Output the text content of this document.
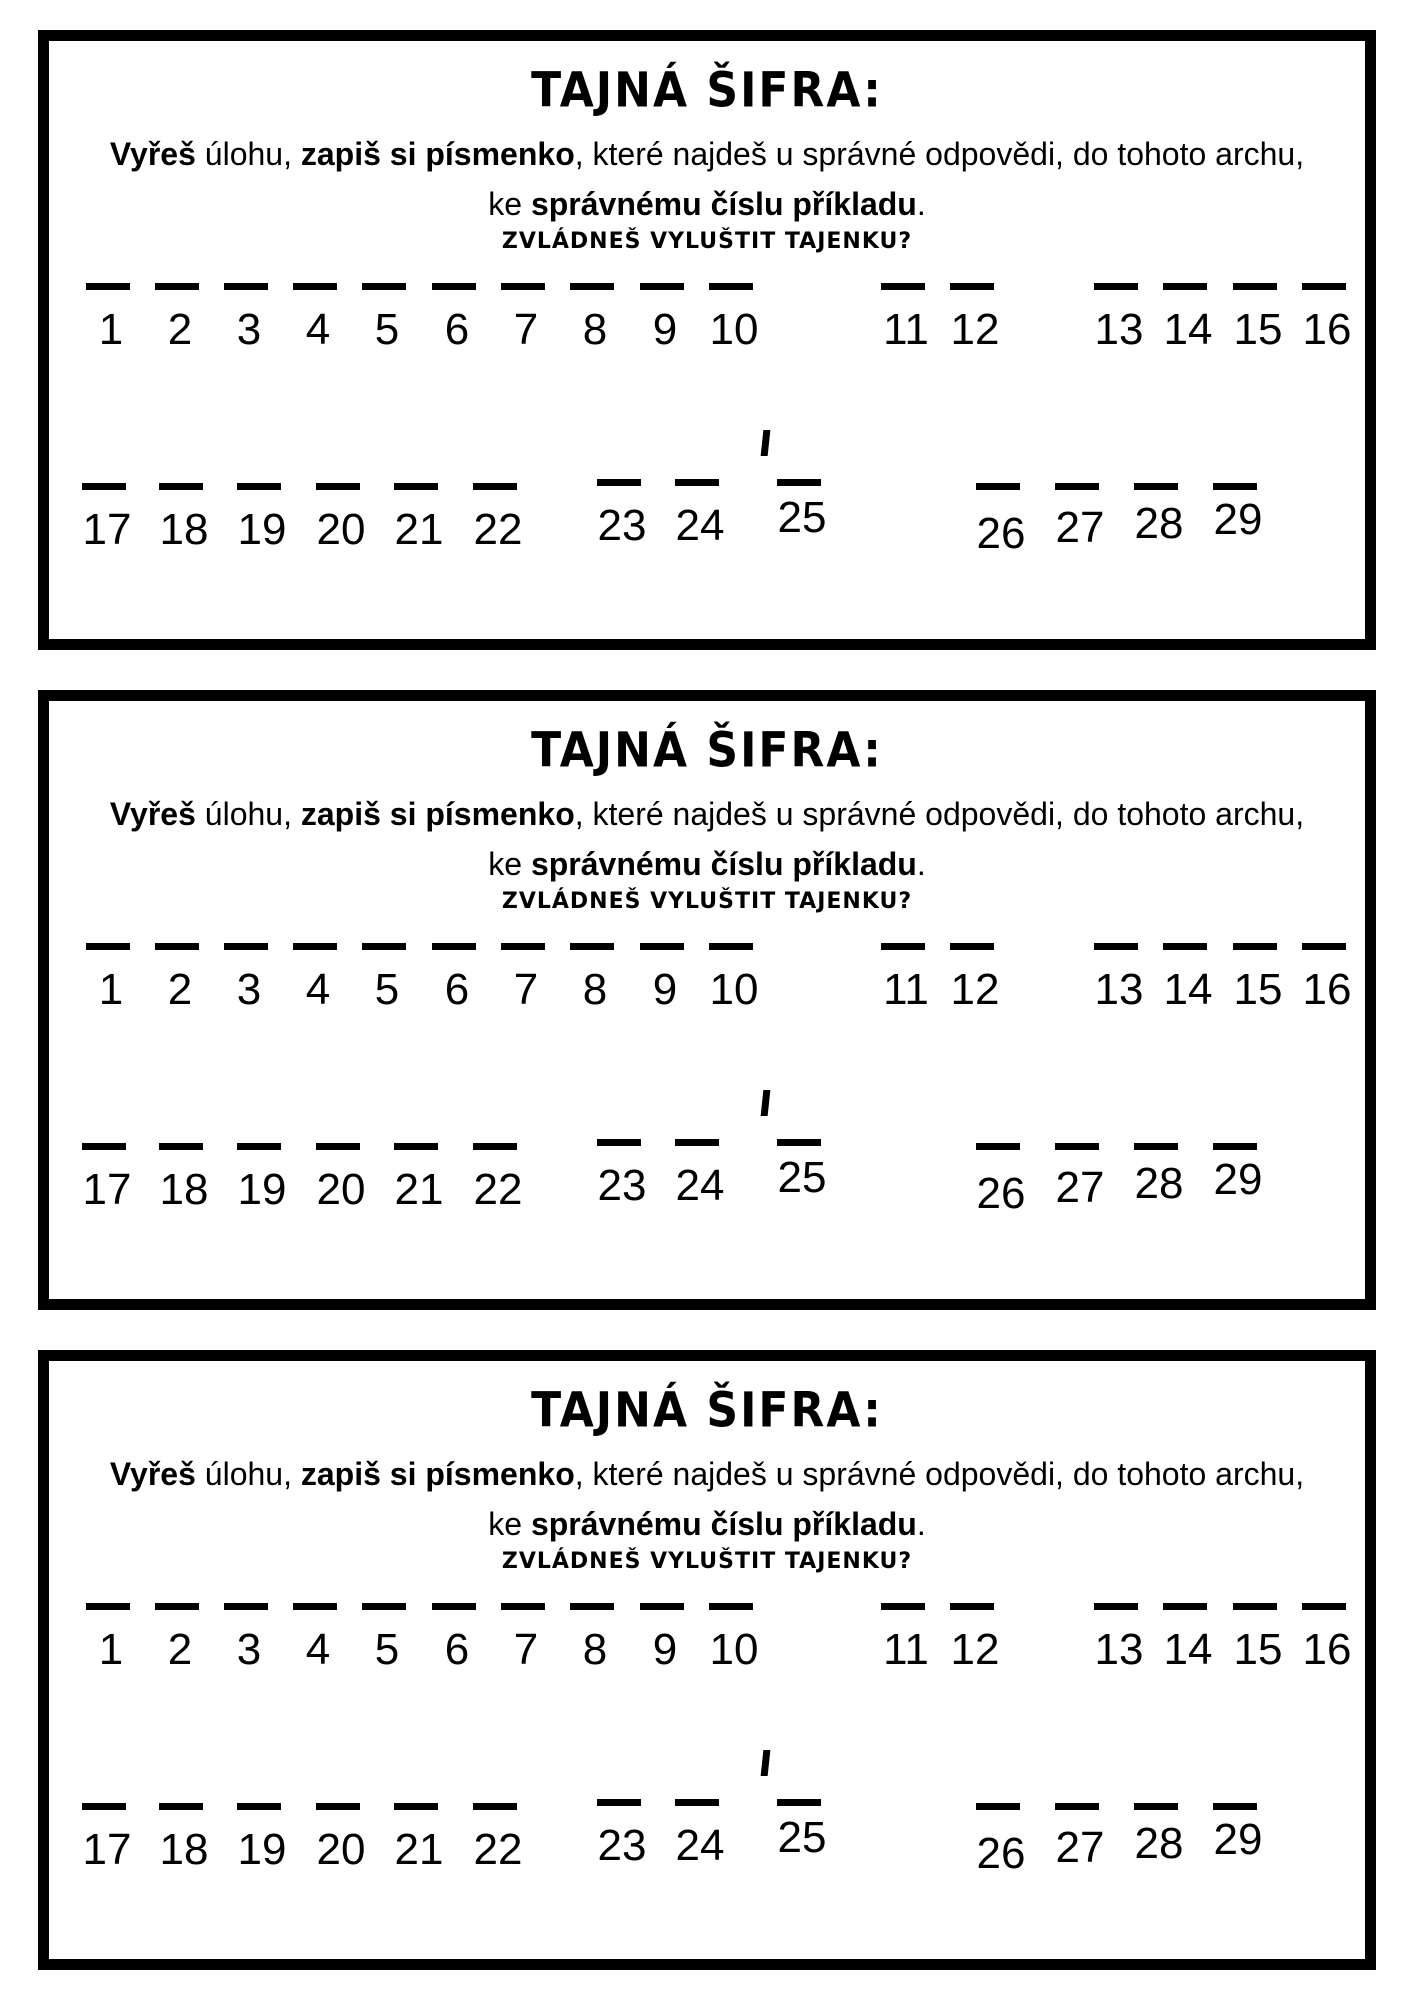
TAJNÁ ŠIFRA:
Vyřeš úlohu, zapiš si písmenko, které najdeš u správné odpovědi, do tohoto archu, ke správnému číslu příkladu.
ZVLÁDNEŠ VYLUŠTIT TAJENKU?
1	2	3	4	5	6	7	8	9 10	11 12	13 14 15 16
17 18 19 20 21 22	23 24	25	26 27 28 29
TAJNÁ ŠIFRA:
Vyřeš úlohu, zapiš si písmenko, které najdeš u správné odpovědi, do tohoto archu, ke správnému číslu příkladu.
ZVLÁDNEŠ VYLUŠTIT TAJENKU?
1	2	3	4	5	6	7	8	9 10	11 12	13 14 15 16
17 18 19 20 21 22	23 24	25	26 27 28 29
TAJNÁ ŠIFRA:
Vyřeš úlohu, zapiš si písmenko, které najdeš u správné odpovědi, do tohoto archu, ke správnému číslu příkladu.
ZVLÁDNEŠ VYLUŠTIT TAJENKU?
1	2	3	4	5	6	7	8	9 10	11 12	13 14 15 16
17 18 19 20 21 22	23 24	25	26 27 28 29
